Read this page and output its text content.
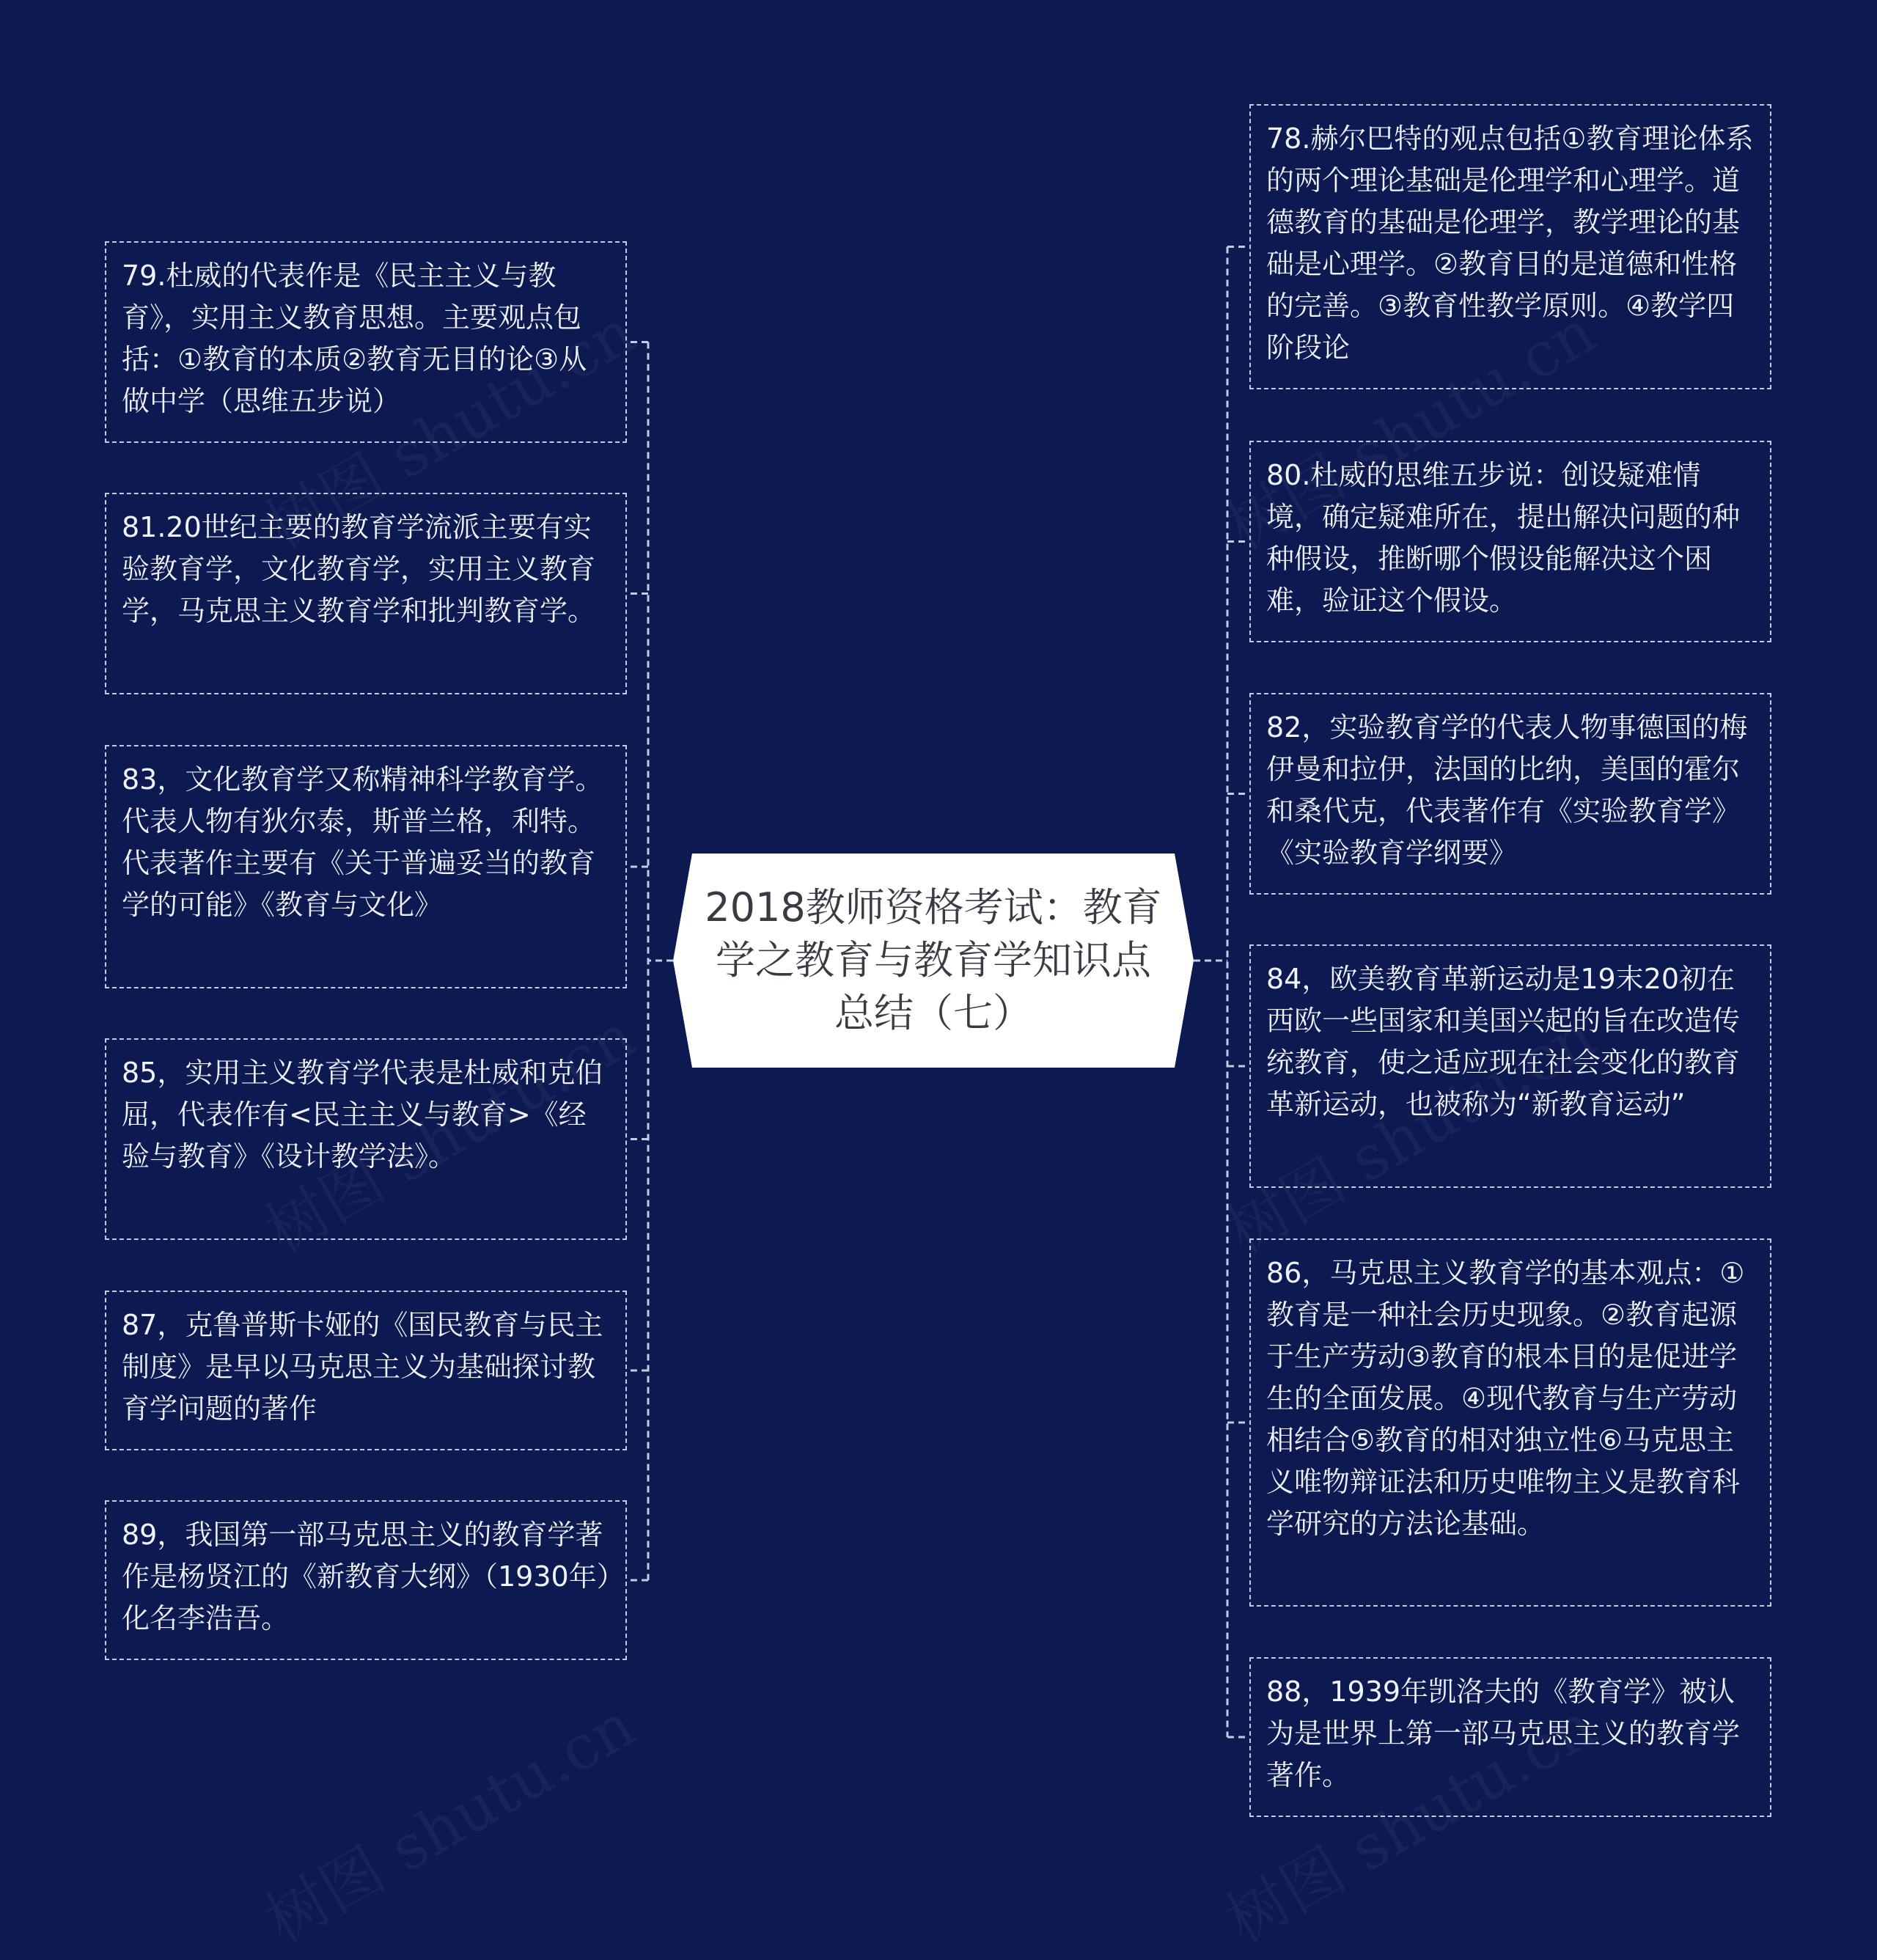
79.杜威的代表作是《民主主义与教育》，实用主义教育思想。主要观点包括：①教育的本质②教育无目的论③从做中学（思维五步说）
81.20世纪主要的教育学流派主要有实验教育学，文化教育学，实用主义教育学，马克思主义教育学和批判教育学。
83，文化教育学又称精神科学教育学。代表人物有狄尔泰，斯普兰格，利特。代表著作主要有《关于普遍妥当的教育学的可能》《教育与文化》
85，实用主义教育学代表是杜威和克伯屈，代表作有<民主主义与教育>《经验与教育》《设计教学法》。
87，克鲁普斯卡娅的《国民教育与民主制度》是早以马克思主义为基础探讨教育学问题的著作
89，我国第一部马克思主义的教育学著作是杨贤江的《新教育大纲》（1930年）化名李浩吾。
78.赫尔巴特的观点包括①教育理论体系的两个理论基础是伦理学和心理学。道德教育的基础是伦理学，教学理论的基础是心理学。②教育目的是道德和性格的完善。③教育性教学原则。④教学四阶段论
80.杜威的思维五步说：创设疑难情境，确定疑难所在，提出解决问题的种种假设，推断哪个假设能解决这个困难，验证这个假设。
82，实验教育学的代表人物事德国的梅伊曼和拉伊，法国的比纳，美国的霍尔和桑代克，代表著作有《实验教育学》《实验教育学纲要》
84，欧美教育革新运动是19末20初在西欧一些国家和美国兴起的旨在改造传统教育，使之适应现在社会变化的教育革新运动，也被称为“新教育运动”
86，马克思主义教育学的基本观点：①教育是一种社会历史现象。②教育起源于生产劳动③教育的根本目的是促进学生的全面发展。④现代教育与生产劳动相结合⑤教育的相对独立性⑥马克思主义唯物辩证法和历史唯物主义是教育科学研究的方法论基础。
88，1939年凯洛夫的《教育学》被认为是世界上第一部马克思主义的教育学著作。
2018教师资格考试：教育学之教育与教育学知识点总结（七）
